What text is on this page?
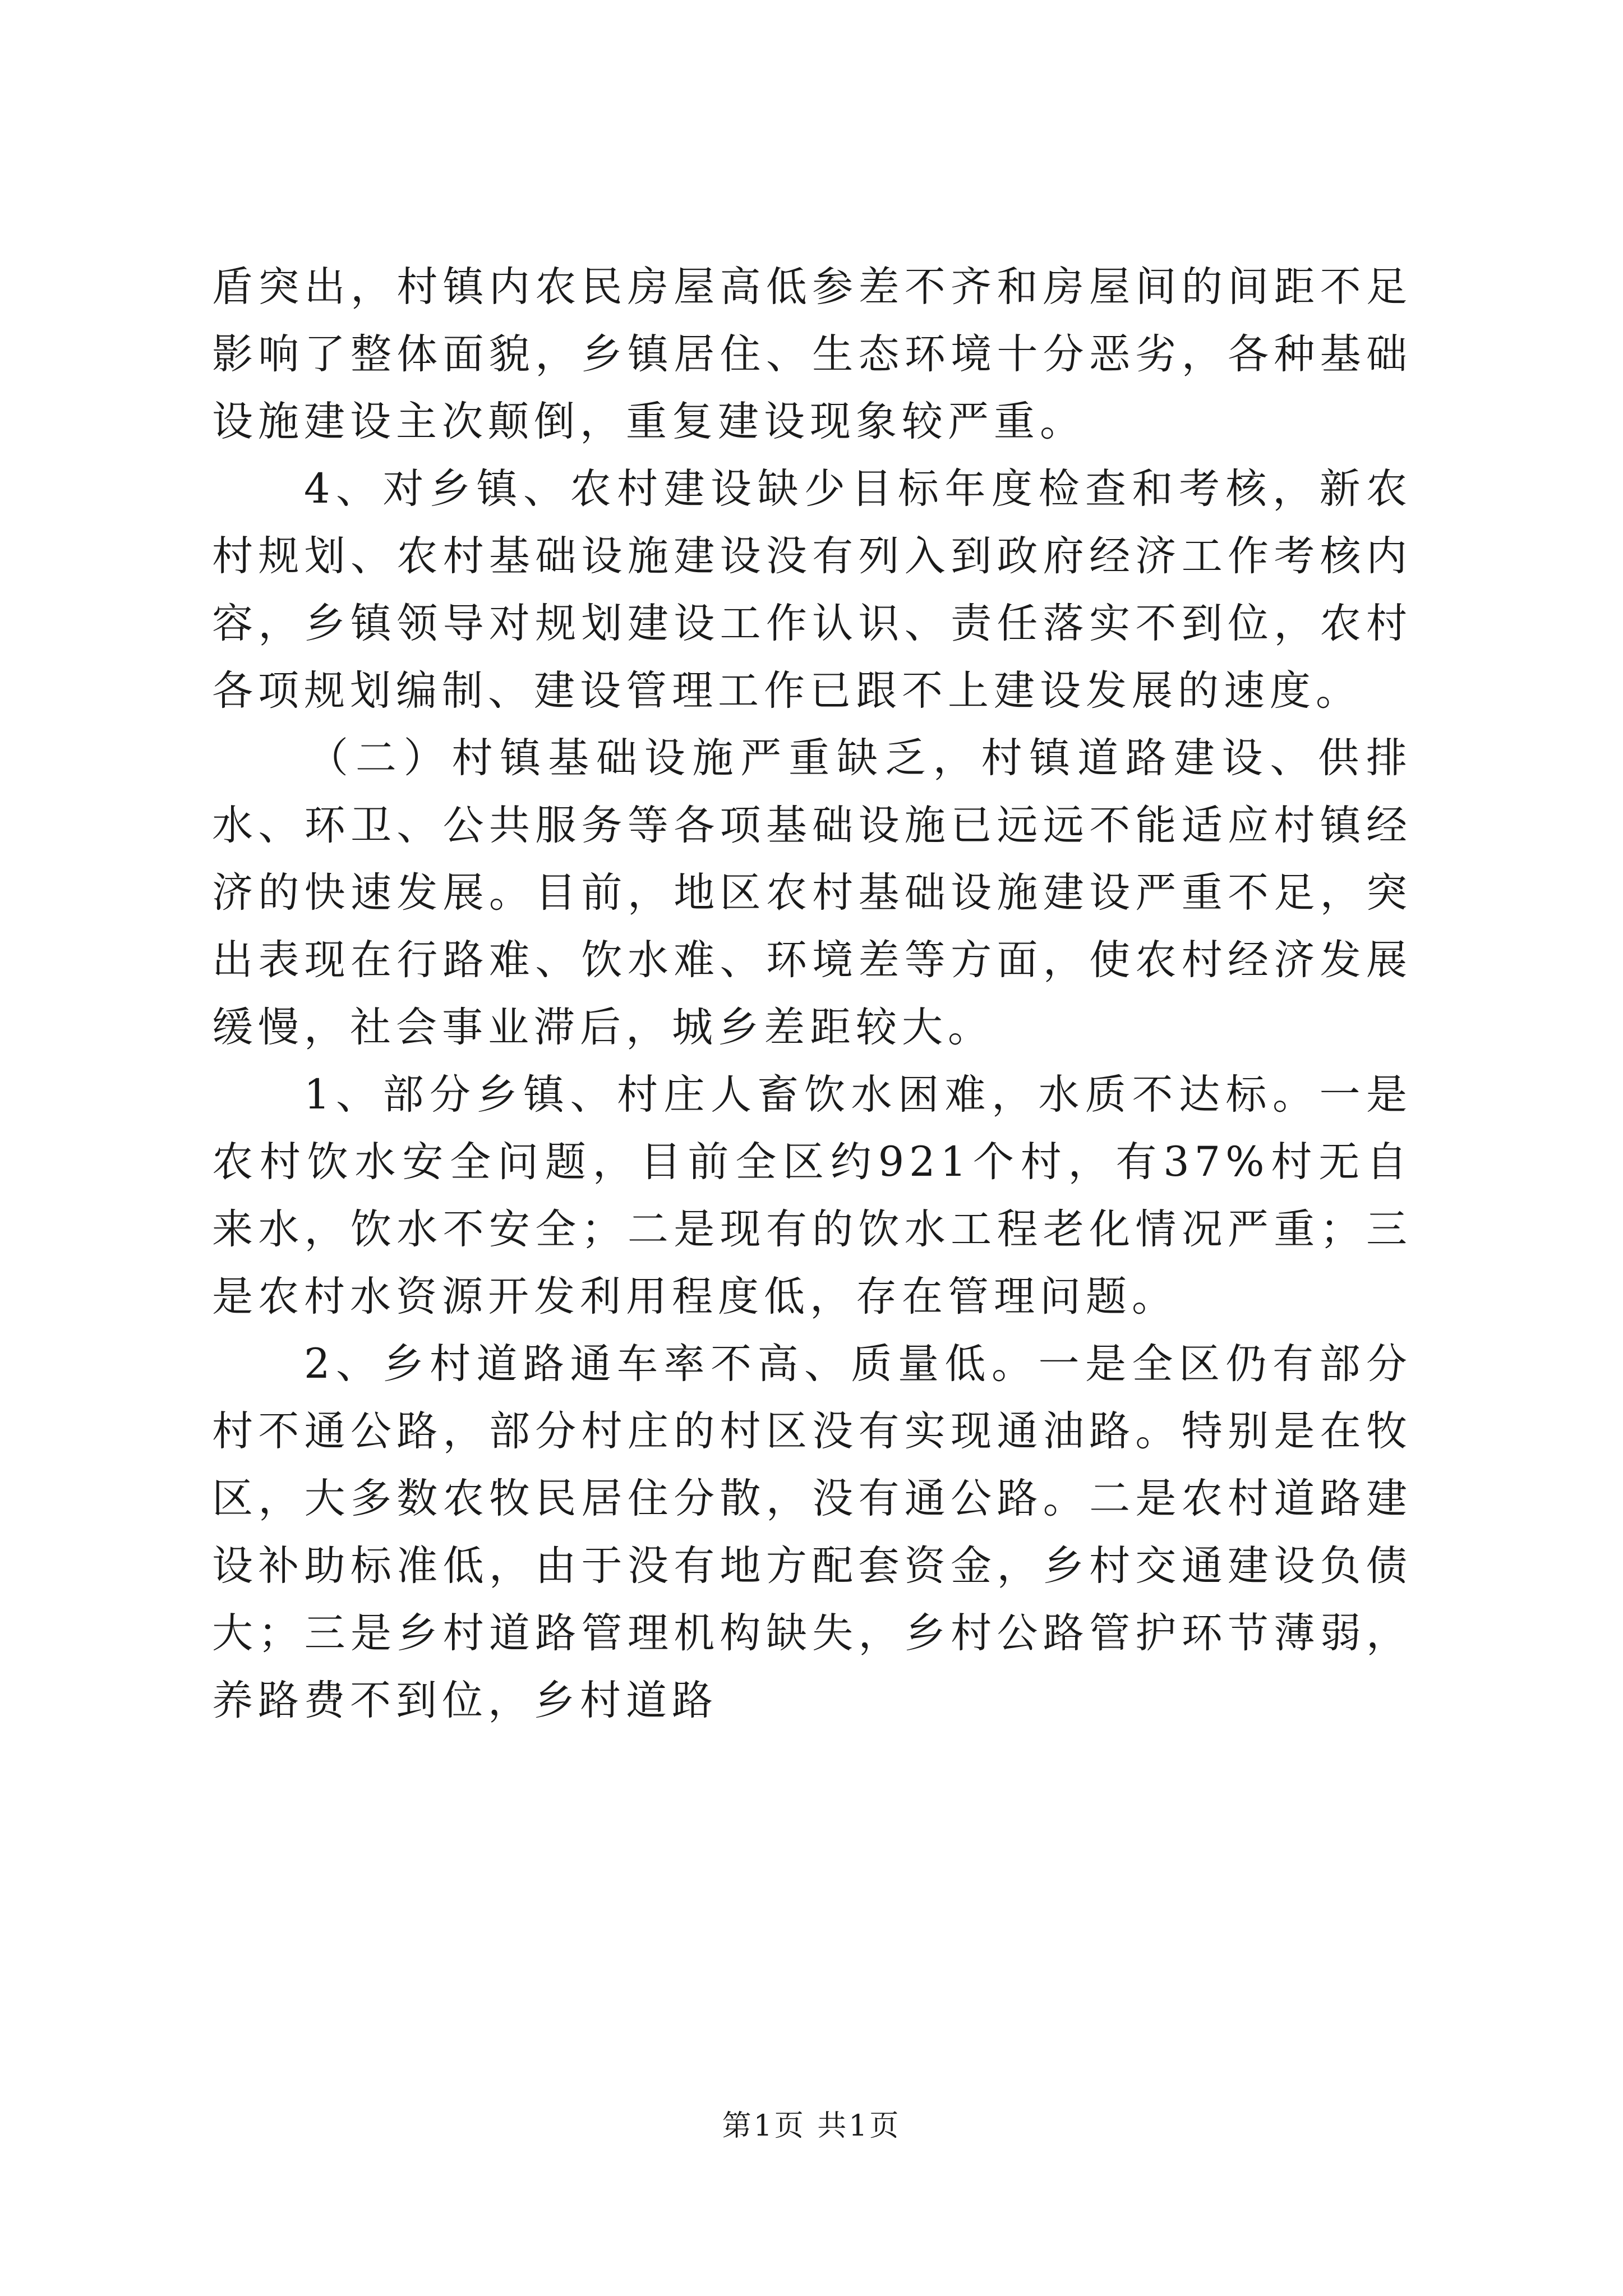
盾突出，村镇内农民房屋高低参差不齐和房屋间的间距不足影响了整体面貌，乡镇居住、生态环境十分恶劣，各种基础设施建设主次颠倒，重复建设现象较严重。

4、对乡镇、农村建设缺少目标年度检查和考核，新农村规划、农村基础设施建设没有列入到政府经济工作考核内容，乡镇领导对规划建设工作认识、责任落实不到位，农村各项规划编制、建设管理工作已跟不上建设发展的速度。

（二）村镇基础设施严重缺乏，村镇道路建设、供排水、环卫、公共服务等各项基础设施已远远不能适应村镇经济的快速发展。目前，地区农村基础设施建设严重不足，突出表现在行路难、饮水难、环境差等方面，使农村经济发展缓慢，社会事业滞后，城乡差距较大。

1、部分乡镇、村庄人畜饮水困难，水质不达标。一是农村饮水安全问题，目前全区约921个村，有37%村无自来水，饮水不安全；二是现有的饮水工程老化情况严重；三是农村水资源开发利用程度低，存在管理问题。

2、乡村道路通车率不高、质量低。一是全区仍有部分村不通公路，部分村庄的村区没有实现通油路。特别是在牧区，大多数农牧民居住分散，没有通公路。二是农村道路建设补助标准低，由于没有地方配套资金，乡村交通建设负债大；三是乡村道路管理机构缺失，乡村公路管护环节薄弱，养路费不到位，乡村道路

第1页 共1页
